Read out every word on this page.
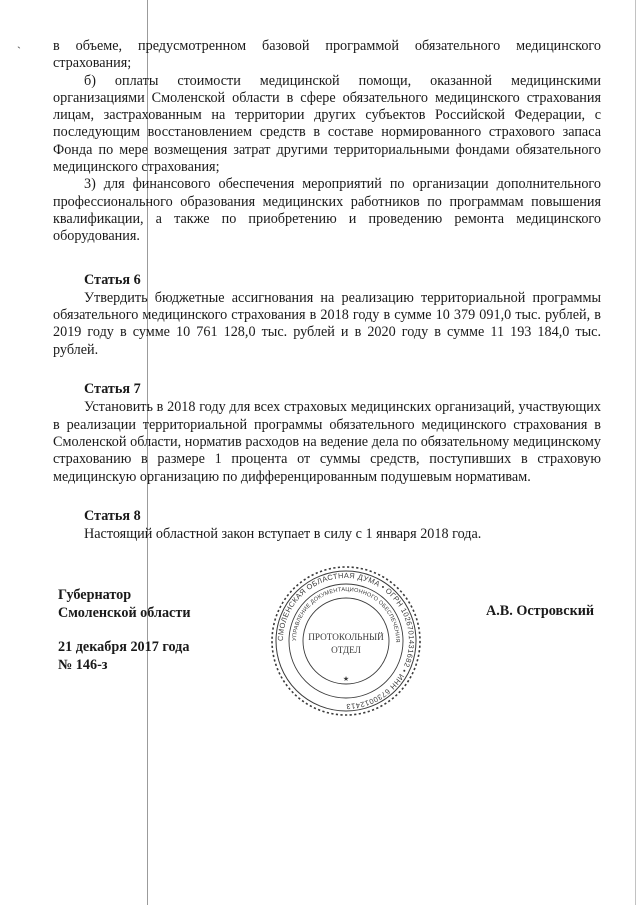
` в объеме, предусмотренном базовой программой обязательного медицинского страхования;

б) оплаты стоимости медицинской помощи, оказанной медицинскими организациями Смоленской области в сфере обязательного медицинского страхования лицам, застрахованным на территории других субъектов Российской Федерации, с последующим восстановлением средств в составе нормированного страхового запаса Фонда по мере возмещения затрат другими территориальными фондами обязательного медицинского страхования;

3) для финансового обеспечения мероприятий по организации дополнительного профессионального образования медицинских работников по программам повышения квалификации, а также по приобретению и проведению ремонта медицинского оборудования.

Статья 6

Утвердить бюджетные ассигнования на реализацию территориальной программы обязательного медицинского страхования в 2018 году в сумме 10 379 091,0 тыс. рублей, в 2019 году в сумме 10 761 128,0 тыс. рублей и в 2020 году в сумме 11 193 184,0 тыс. рублей.

Статья 7

Установить в 2018 году для всех страховых медицинских организаций, участвующих в реализации территориальной программы обязательного медицинского страхования в Смоленской области, норматив расходов на ведение дела по обязательному медицинскому страхованию в размере 1 процента от суммы средств, поступивших в страховую медицинскую организацию по дифференцированным подушевым нормативам.

Статья 8

Настоящий областной закон вступает в силу с 1 января 2018 года.

Губернатор
Смоленской области
21 декабря 2017 года
№ 146-з
А.В. Островский
СМОЛЕНСКАЯ ОБЛАСТНАЯ ДУМА • ОГРН 1026701431682 • ИНН 6730012413
УПРАВЛЕНИЕ ДОКУМЕНТАЦИОННОГО ОБЕСПЕЧЕНИЯ
ПРОТОКОЛЬНЫЙ
ОТДЕЛ
★
